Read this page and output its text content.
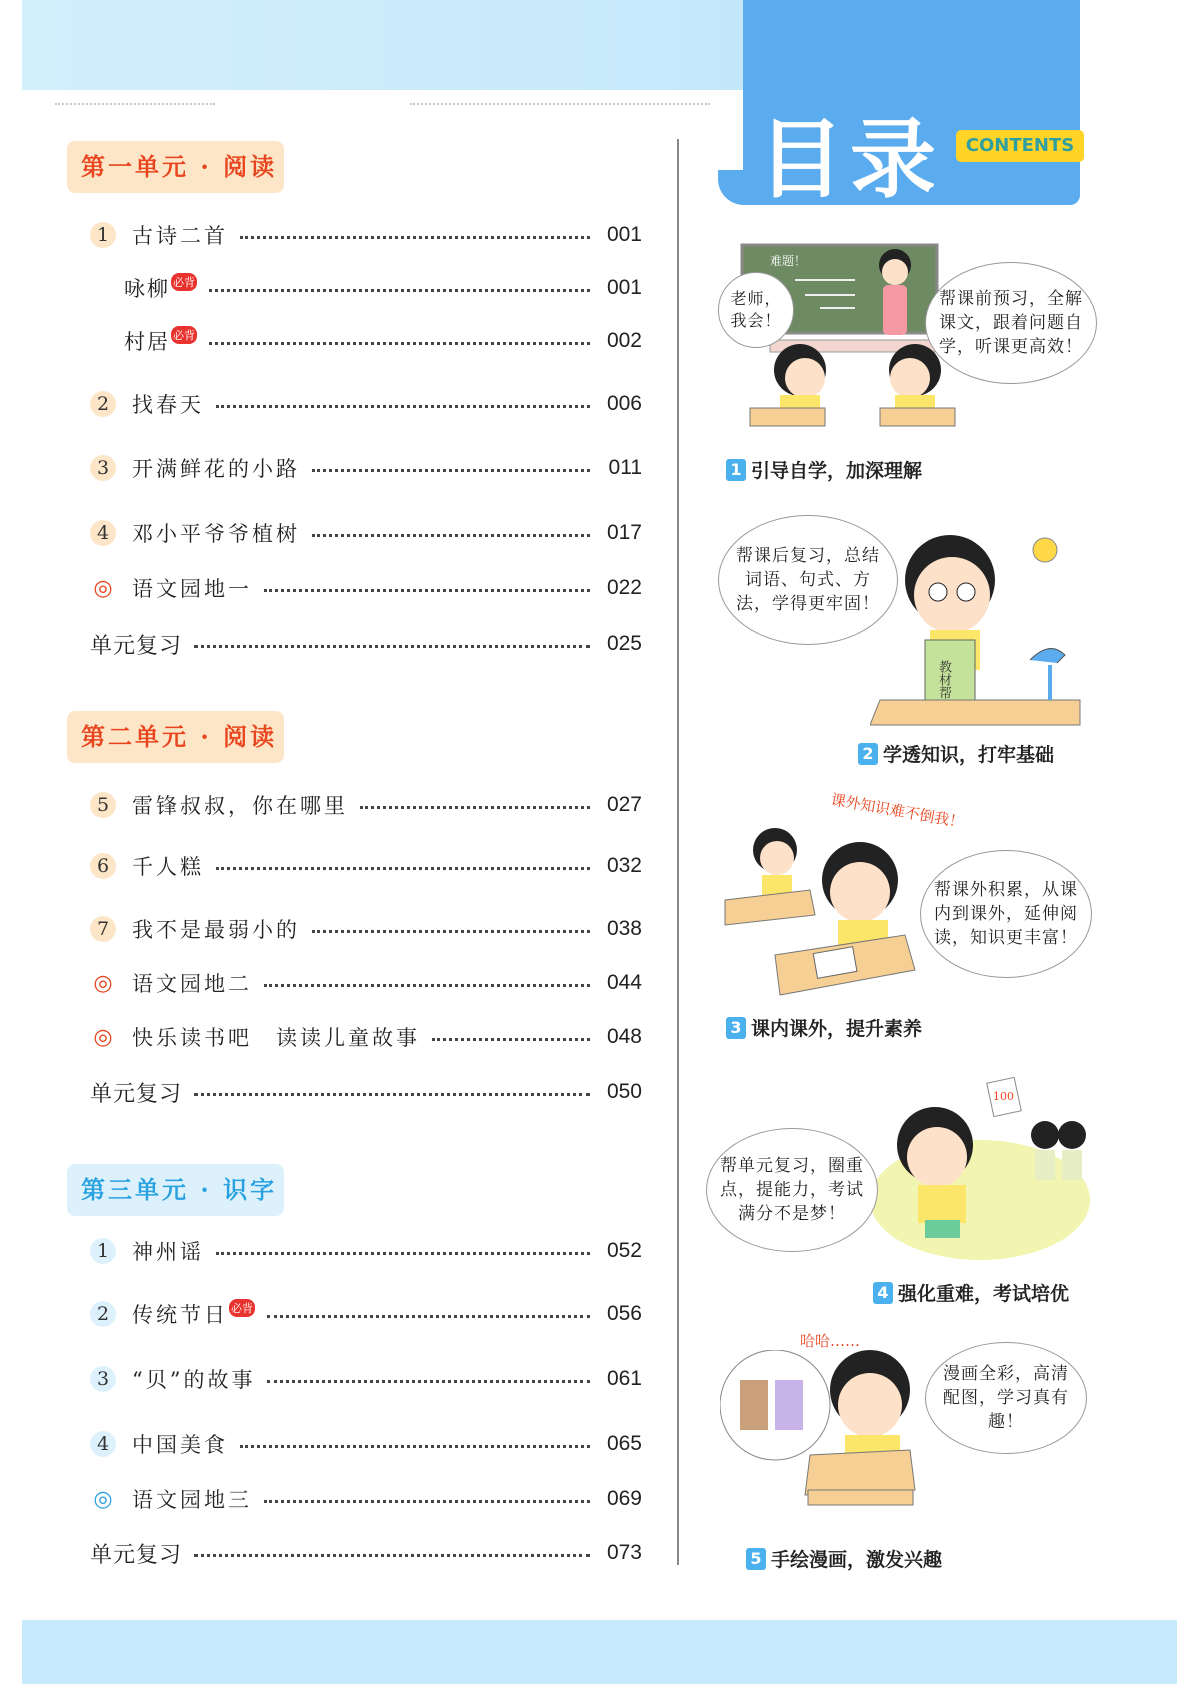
目录	CONTENTS
第一单元 · 阅读
1	古诗二首	001
咏柳 必背	001
村居 必背	002
2	找春天	006
3	开满鲜花的小路	011
4	邓小平爷爷植树	017
◎ 语文园地一	022
单元复习	025
第二单元 · 阅读
5	雷锋叔叔，你在哪里	027
6	千人糕	032
7	我不是最弱小的	038
◎ 语文园地二	044
◎ 快乐读书吧　读读儿童故事	048
单元复习	050
第三单元 · 识字
1	神州谣	052
2	传统节日 必背	056
3	“贝”的故事	061
4	中国美食	065
◎ 语文园地三	069
单元复习	073
难题！
老师，我会！
帮课前预习，全解课文，跟着问题自学，听课更高效！
1 引导自学，加深理解
教材帮
帮课后复习，总结词语、句式、方法，学得更牢固！
2 学透知识，打牢基础
课外知识难不倒我！
帮课外积累，从课内到课外，延伸阅读，知识更丰富！
3 课内课外，提升素养
100
帮单元复习，圈重点，提能力，考试满分不是梦！
4 强化重难，考试培优
哈哈……
漫画全彩，高清配图，学习真有趣！
5 手绘漫画，激发兴趣
